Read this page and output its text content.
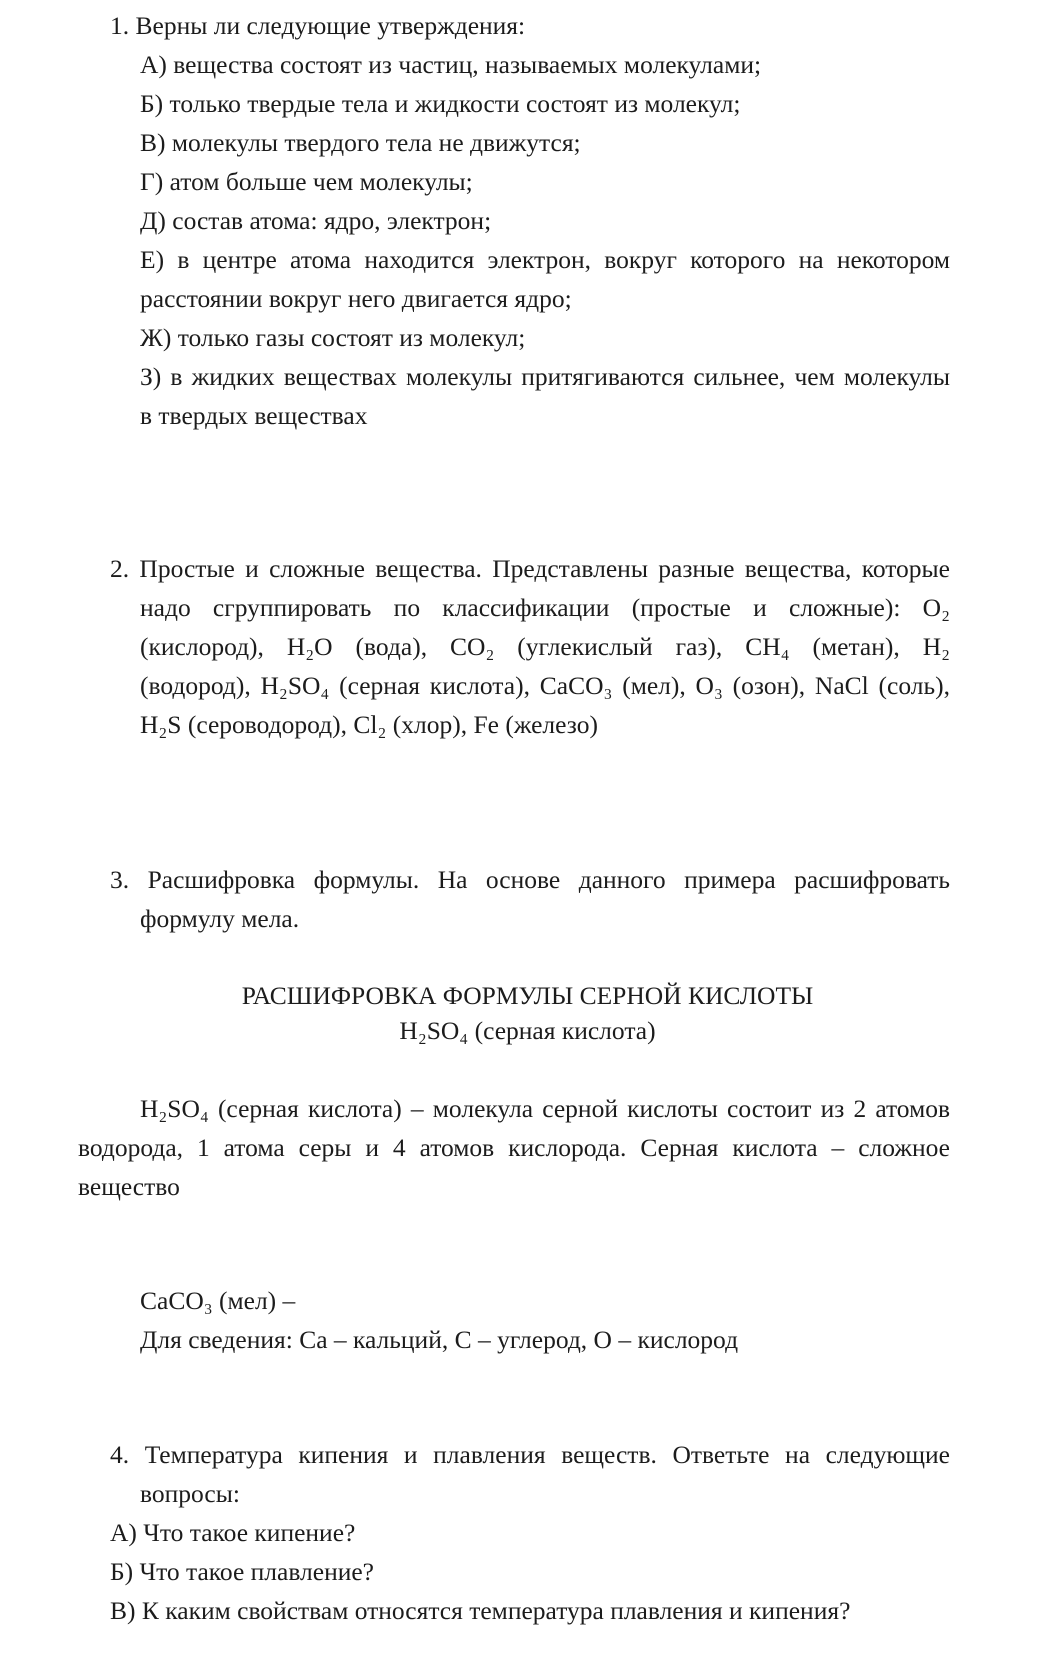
1. Верны ли следующие утверждения:
А) вещества состоят из частиц, называемых молекулами;
Б) только твердые тела и жидкости состоят из молекул;
В) молекулы твердого тела не движутся;
Г) атом больше чем молекулы;
Д) состав атома: ядро, электрон;
Е) в центре атома находится электрон, вокруг которого на некотором
расстоянии вокруг него двигается ядро;
Ж) только газы состоят из молекул;
З) в жидких веществах молекулы притягиваются сильнее, чем молекулы
в твердых веществах
2. Простые и сложные вещества. Представлены разные вещества, которые
надо сгруппировать по классификации (простые и сложные): O₂
(кислород), H₂O (вода), CO₂ (углекислый газ), CH₄ (метан), H₂
(водород), H₂SO₄ (серная кислота), CaCO₃ (мел), O₃ (озон), NaCl (соль),
H₂S (сероводород), Cl₂ (хлор), Fe (железо)
3. Расшифровка формулы. На основе данного примера расшифровать
формулу мела.
РАСШИФРОВКА ФОРМУЛЫ СЕРНОЙ КИСЛОТЫ
H₂SO₄ (серная кислота)
H₂SO₄ (серная кислота) – молекула серной кислоты состоит из 2 атомов
водорода, 1 атома серы и 4 атомов кислорода. Серная кислота – сложное
вещество
CaCO₃ (мел) –
Для сведения: Ca – кальций, C – углерод, O – кислород
4. Температура кипения и плавления веществ. Ответьте на следующие
вопросы:
А) Что такое кипение?
Б) Что такое плавление?
В) К каким свойствам относятся температура плавления и кипения?
